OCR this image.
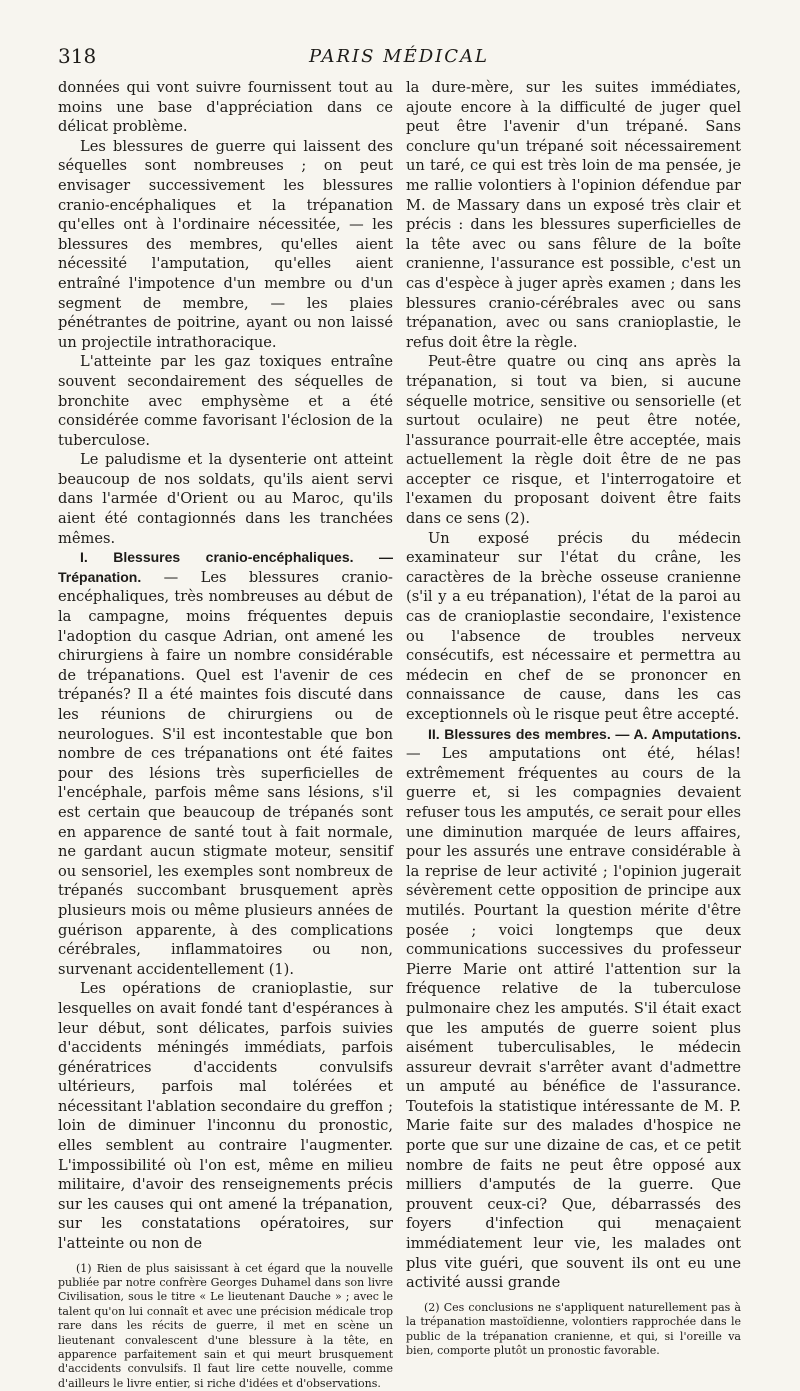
318	PARIS MÉDICAL

données qui vont suivre fournissent tout au moins une base d'appréciation dans ce délicat problème.

Les blessures de guerre qui laissent des séquelles sont nombreuses ; on peut envisager successivement les blessures cranio-encéphaliques et la trépanation qu'elles ont à l'ordinaire nécessitée, — les blessures des membres, qu'elles aient nécessité l'amputation, qu'elles aient entraîné l'impotence d'un membre ou d'un segment de membre, — les plaies pénétrantes de poitrine, ayant ou non laissé un projectile intrathoracique.

L'atteinte par les gaz toxiques entraîne souvent secondairement des séquelles de bronchite avec emphysème et a été considérée comme favorisant l'éclosion de la tuberculose.

Le paludisme et la dysenterie ont atteint beaucoup de nos soldats, qu'ils aient servi dans l'armée d'Orient ou au Maroc, qu'ils aient été contagionnés dans les tranchées mêmes.

I. Blessures cranio-encéphaliques. — Trépanation. — Les blessures cranio-encéphaliques, très nombreuses au début de la campagne, moins fréquentes depuis l'adoption du casque Adrian, ont amené les chirurgiens à faire un nombre considérable de trépanations. Quel est l'avenir de ces trépanés? Il a été maintes fois discuté dans les réunions de chirurgiens ou de neurologues. S'il est incontestable que bon nombre de ces trépanations ont été faites pour des lésions très superficielles de l'encéphale, parfois même sans lésions, s'il est certain que beaucoup de trépanés sont en apparence de santé tout à fait normale, ne gardant aucun stigmate moteur, sensitif ou sensoriel, les exemples sont nombreux de trépanés succombant brusquement après plusieurs mois ou même plusieurs années de guérison apparente, à des complications cérébrales, inflammatoires ou non, survenant accidentellement (1).

Les opérations de cranioplastie, sur lesquelles on avait fondé tant d'espérances à leur début, sont délicates, parfois suivies d'accidents méningés immédiats, parfois génératrices d'accidents convulsifs ultérieurs, parfois mal tolérées et nécessitant l'ablation secondaire du greffon ; loin de diminuer l'inconnu du pronostic, elles semblent au contraire l'augmenter. L'impossibilité où l'on est, même en milieu militaire, d'avoir des renseignements précis sur les causes qui ont amené la trépanation, sur les constatations opératoires, sur l'atteinte ou non de

(1) Rien de plus saisissant à cet égard que la nouvelle publiée par notre confrère Georges Duhamel dans son livre Civilisation, sous le titre « Le lieutenant Dauche » ; avec le talent qu'on lui connaît et avec une précision médicale trop rare dans les récits de guerre, il met en scène un lieutenant convalescent d'une blessure à la tête, en apparence parfaitement sain et qui meurt brusquement d'accidents convulsifs. Il faut lire cette nouvelle, comme d'ailleurs le livre entier, si riche d'idées et d'observations.

la dure-mère, sur les suites immédiates, ajoute encore à la difficulté de juger quel peut être l'avenir d'un trépané. Sans conclure qu'un trépané soit nécessairement un taré, ce qui est très loin de ma pensée, je me rallie volontiers à l'opinion défendue par M. de Massary dans un exposé très clair et précis : dans les blessures superficielles de la tête avec ou sans fêlure de la boîte cranienne, l'assurance est possible, c'est un cas d'espèce à juger après examen ; dans les blessures cranio-cérébrales avec ou sans trépanation, avec ou sans cranioplastie, le refus doit être la règle.

Peut-être quatre ou cinq ans après la trépanation, si tout va bien, si aucune séquelle motrice, sensitive ou sensorielle (et surtout oculaire) ne peut être notée, l'assurance pourrait-elle être acceptée, mais actuellement la règle doit être de ne pas accepter ce risque, et l'interrogatoire et l'examen du proposant doivent être faits dans ce sens (2).

Un exposé précis du médecin examinateur sur l'état du crâne, les caractères de la brèche osseuse cranienne (s'il y a eu trépanation), l'état de la paroi au cas de cranioplastie secondaire, l'existence ou l'absence de troubles nerveux consécutifs, est nécessaire et permettra au médecin en chef de se prononcer en connaissance de cause, dans les cas exceptionnels où le risque peut être accepté.

II. Blessures des membres. — A. Amputations. — Les amputations ont été, hélas! extrêmement fréquentes au cours de la guerre et, si les compagnies devaient refuser tous les amputés, ce serait pour elles une diminution marquée de leurs affaires, pour les assurés une entrave considérable à la reprise de leur activité ; l'opinion jugerait sévèrement cette opposition de principe aux mutilés. Pourtant la question mérite d'être posée ; voici longtemps que deux communications successives du professeur Pierre Marie ont attiré l'attention sur la fréquence relative de la tuberculose pulmonaire chez les amputés. S'il était exact que les amputés de guerre soient plus aisément tuberculisables, le médecin assureur devrait s'arrêter avant d'admettre un amputé au bénéfice de l'assurance. Toutefois la statistique intéressante de M. P. Marie faite sur des malades d'hospice ne porte que sur une dizaine de cas, et ce petit nombre de faits ne peut être opposé aux milliers d'amputés de la guerre. Que prouvent ceux-ci? Que, débarrassés des foyers d'infection qui menaçaient immédiatement leur vie, les malades ont plus vite guéri, que souvent ils ont eu une activité aussi grande

(2) Ces conclusions ne s'appliquent naturellement pas à la trépanation mastoïdienne, volontiers rapprochée dans le public de la trépanation cranienne, et qui, si l'oreille va bien, comporte plutôt un pronostic favorable.
